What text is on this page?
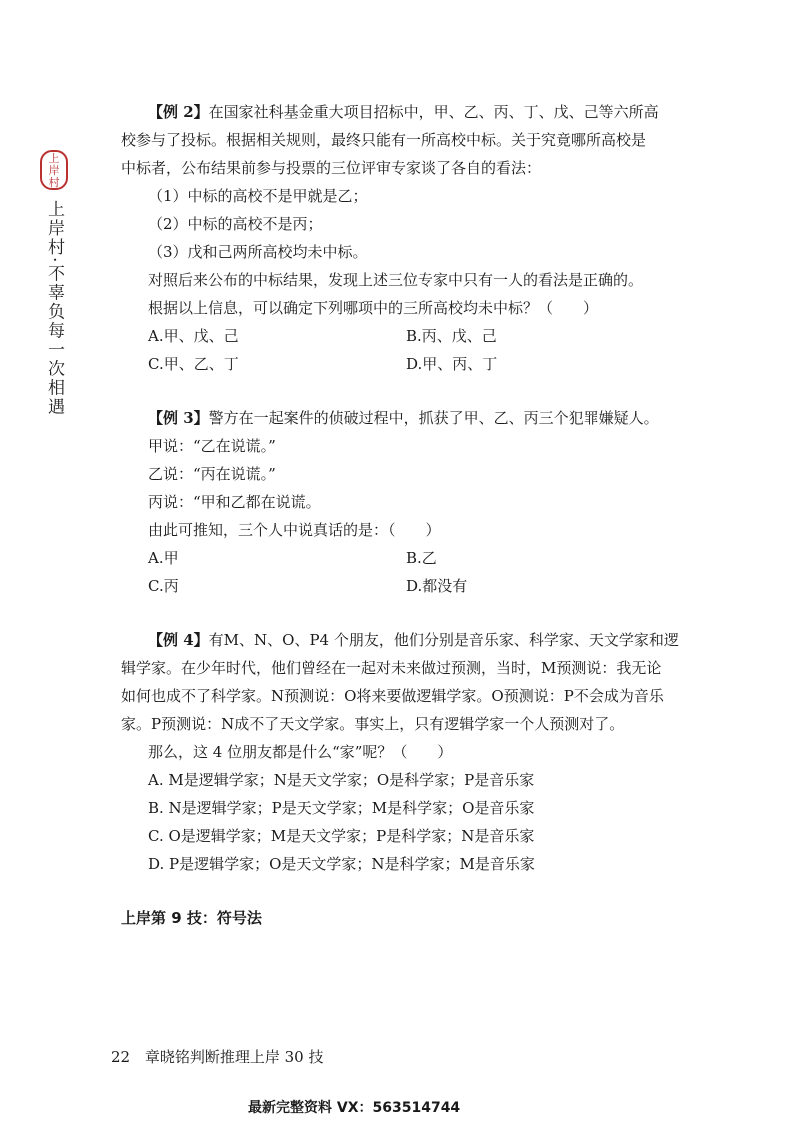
上
岸
村
上岸村·不辜负每一次相遇
【例 2】在国家社科基金重大项目招标中，甲、乙、丙、丁、戊、己等六所高
校参与了投标。根据相关规则，最终只能有一所高校中标。关于究竟哪所高校是
中标者，公布结果前参与投票的三位评审专家谈了各自的看法：
（1）中标的高校不是甲就是乙；
（2）中标的高校不是丙；
（3）戊和己两所高校均未中标。
对照后来公布的中标结果，发现上述三位专家中只有一人的看法是正确的。
根据以上信息，可以确定下列哪项中的三所高校均未中标？（　　）
A.甲、戊、己	B.丙、戊、己
C.甲、乙、丁	D.甲、丙、丁
【例 3】警方在一起案件的侦破过程中，抓获了甲、乙、丙三个犯罪嫌疑人。
甲说：“乙在说谎。”
乙说：“丙在说谎。”
丙说：“甲和乙都在说谎。
由此可推知，三个人中说真话的是：（　　）
A.甲	B.乙
C.丙	D.都没有
【例 4】有M、N、O、P4 个朋友，他们分别是音乐家、科学家、天文学家和逻
辑学家。在少年时代，他们曾经在一起对未来做过预测，当时，M预测说：我无论
如何也成不了科学家。N预测说：O将来要做逻辑学家。O预测说：P不会成为音乐
家。P预测说：N成不了天文学家。事实上，只有逻辑学家一个人预测对了。
那么，这 4 位朋友都是什么“家”呢？（　　）
A. M是逻辑学家；N是天文学家；O是科学家；P是音乐家
B. N是逻辑学家；P是天文学家；M是科学家；O是音乐家
C. O是逻辑学家；M是天文学家；P是科学家；N是音乐家
D. P是逻辑学家；O是天文学家；N是科学家；M是音乐家
上岸第 9 技：符号法
22 章晓铭判断推理上岸 30 技
最新完整资料 VX：563514744
